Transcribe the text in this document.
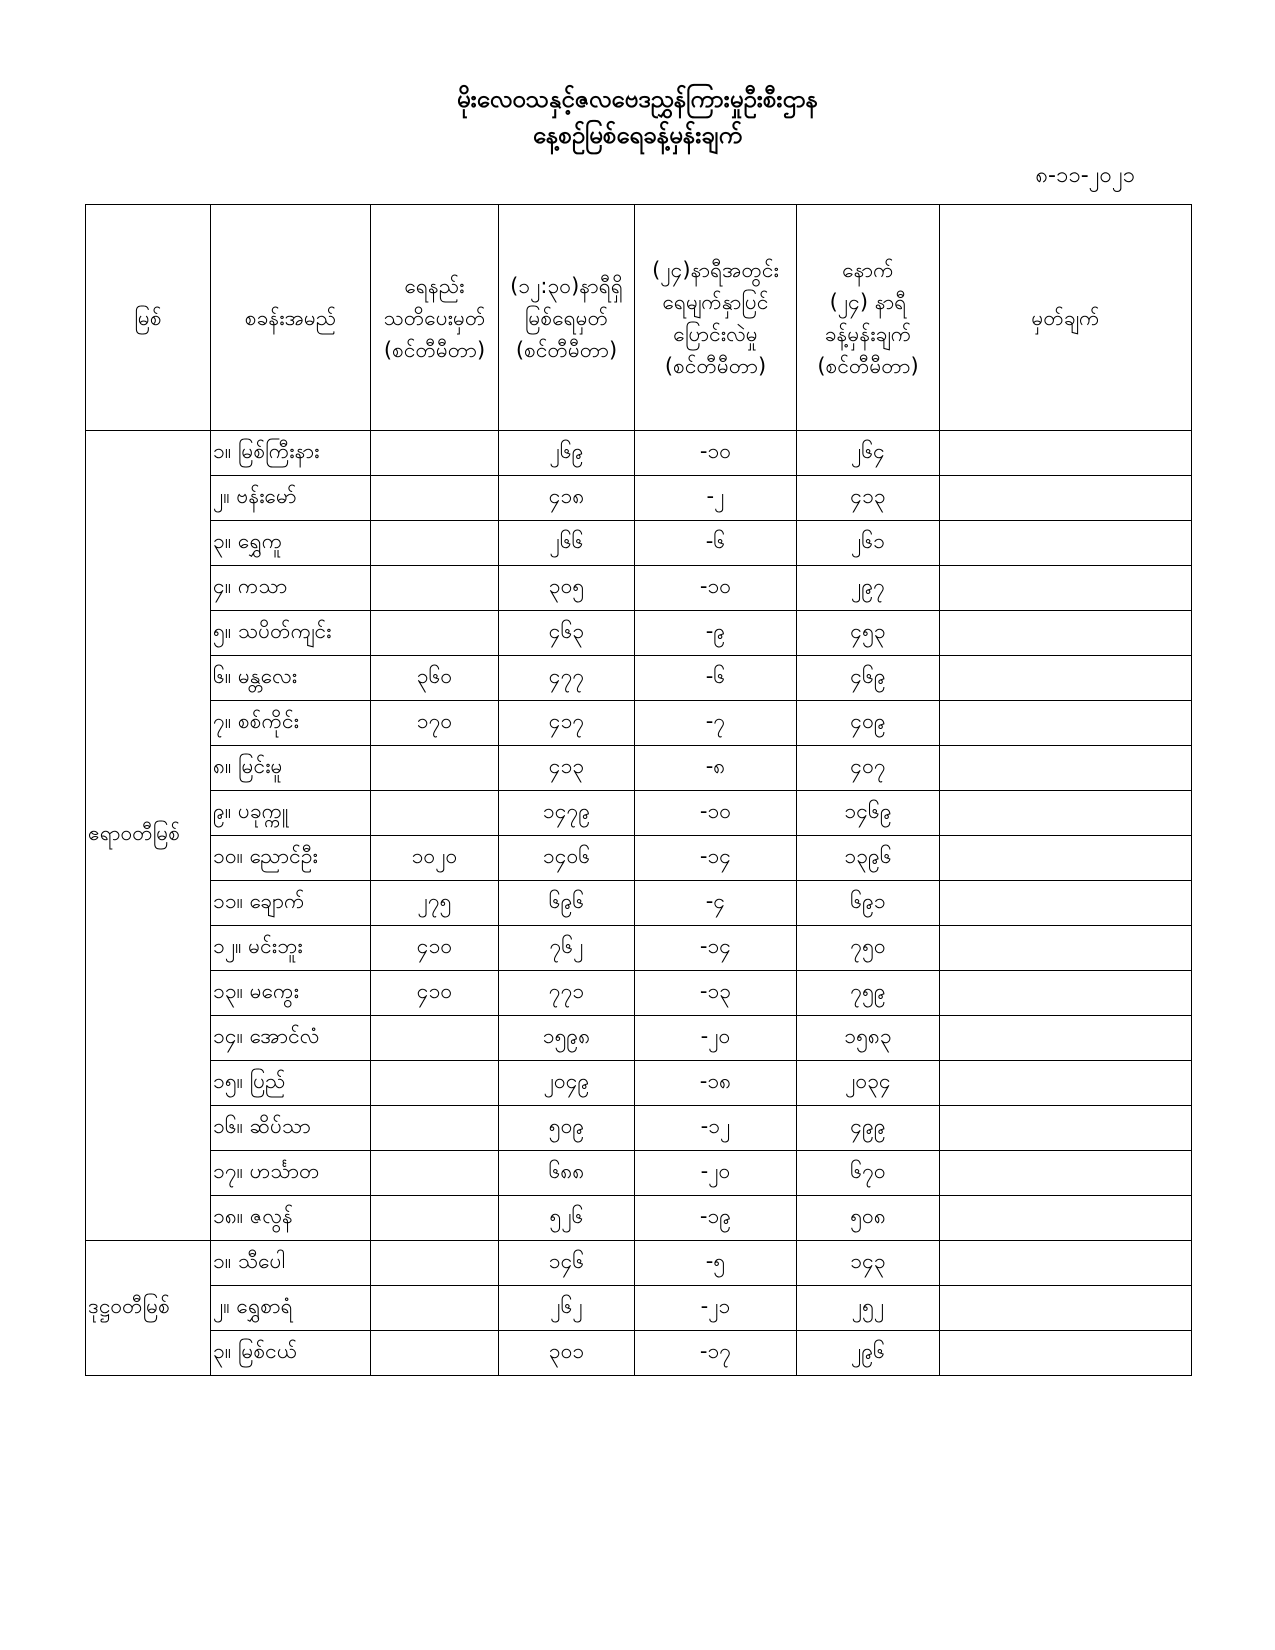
မိုးလေဝသနှင့်ဇလဗေဒညွှန်ကြားမှုဦးစီးဌာန
နေ့စဉ်မြစ်ရေခန့်မှန်းချက်
၈-၁၁-၂၀၂၁
မြစ်	စခန်းအမည်	ရေနည်း
သတိပေးမှတ်
(စင်တီမီတာ)	(၁၂:၃၀)နာရီရှိ
မြစ်ရေမှတ်
(စင်တီမီတာ)	(၂၄)နာရီအတွင်း
ရေမျက်နှာပြင်
ပြောင်းလဲမှု
(စင်တီမီတာ)	နောက်
(၂၄) နာရီ
ခန့်မှန်းချက်
(စင်တီမီတာ)	မှတ်ချက်
ဧရာဝတီမြစ်	၁။ မြစ်ကြီးနား		၂၆၉	-၁၀	၂၆၄	
	၂။ ဗန်းမော်		၄၁၈	-၂	၄၁၃	
	၃။ ရွှေကူ		၂၆၆	-၆	၂၆၁	
	၄။ ကသာ		၃၀၅	-၁၀	၂၉၇	
	၅။ သပိတ်ကျင်း		၄၆၃	-၉	၄၅၃	
	၆။ မန္တလေး	၃၆၀	၄၇၇	-၆	၄၆၉	
	၇။ စစ်ကိုင်း	၁၇၀	၄၁၇	-၇	၄၀၉	
	၈။ မြင်းမူ		၄၁၃	-၈	၄၀၇	
	၉။ ပခုက္ကူ		၁၄၇၉	-၁၀	၁၄၆၉	
	၁၀။ ညောင်ဦး	၁၀၂၀	၁၄၀၆	-၁၄	၁၃၉၆	
	၁၁။ ချောက်	၂၇၅	၆၉၆	-၄	၆၉၁	
	၁၂။ မင်းဘူး	၄၁၀	၇၆၂	-၁၄	၇၅၀	
	၁၃။ မကွေး	၄၁၀	၇၇၁	-၁၃	၇၅၉	
	၁၄။ အောင်လံ		၁၅၉၈	-၂၀	၁၅၈၃	
	၁၅။ ပြည်		၂၀၄၉	-၁၈	၂၀၃၄	
	၁၆။ ဆိပ်သာ		၅၀၉	-၁၂	၄၉၉	
	၁၇။ ဟင်္သာတ		၆၈၈	-၂၀	၆၇၀	
	၁၈။ ဇလွန်		၅၂၆	-၁၉	၅၀၈	
ဒုဋ္ဌဝတီမြစ်	၁။ သီပေါ		၁၄၆	-၅	၁၄၃	
	၂။ ရွှေစာရံ		၂၆၂	-၂၁	၂၅၂	
	၃။ မြစ်ငယ်		၃၀၁	-၁၇	၂၉၆	
